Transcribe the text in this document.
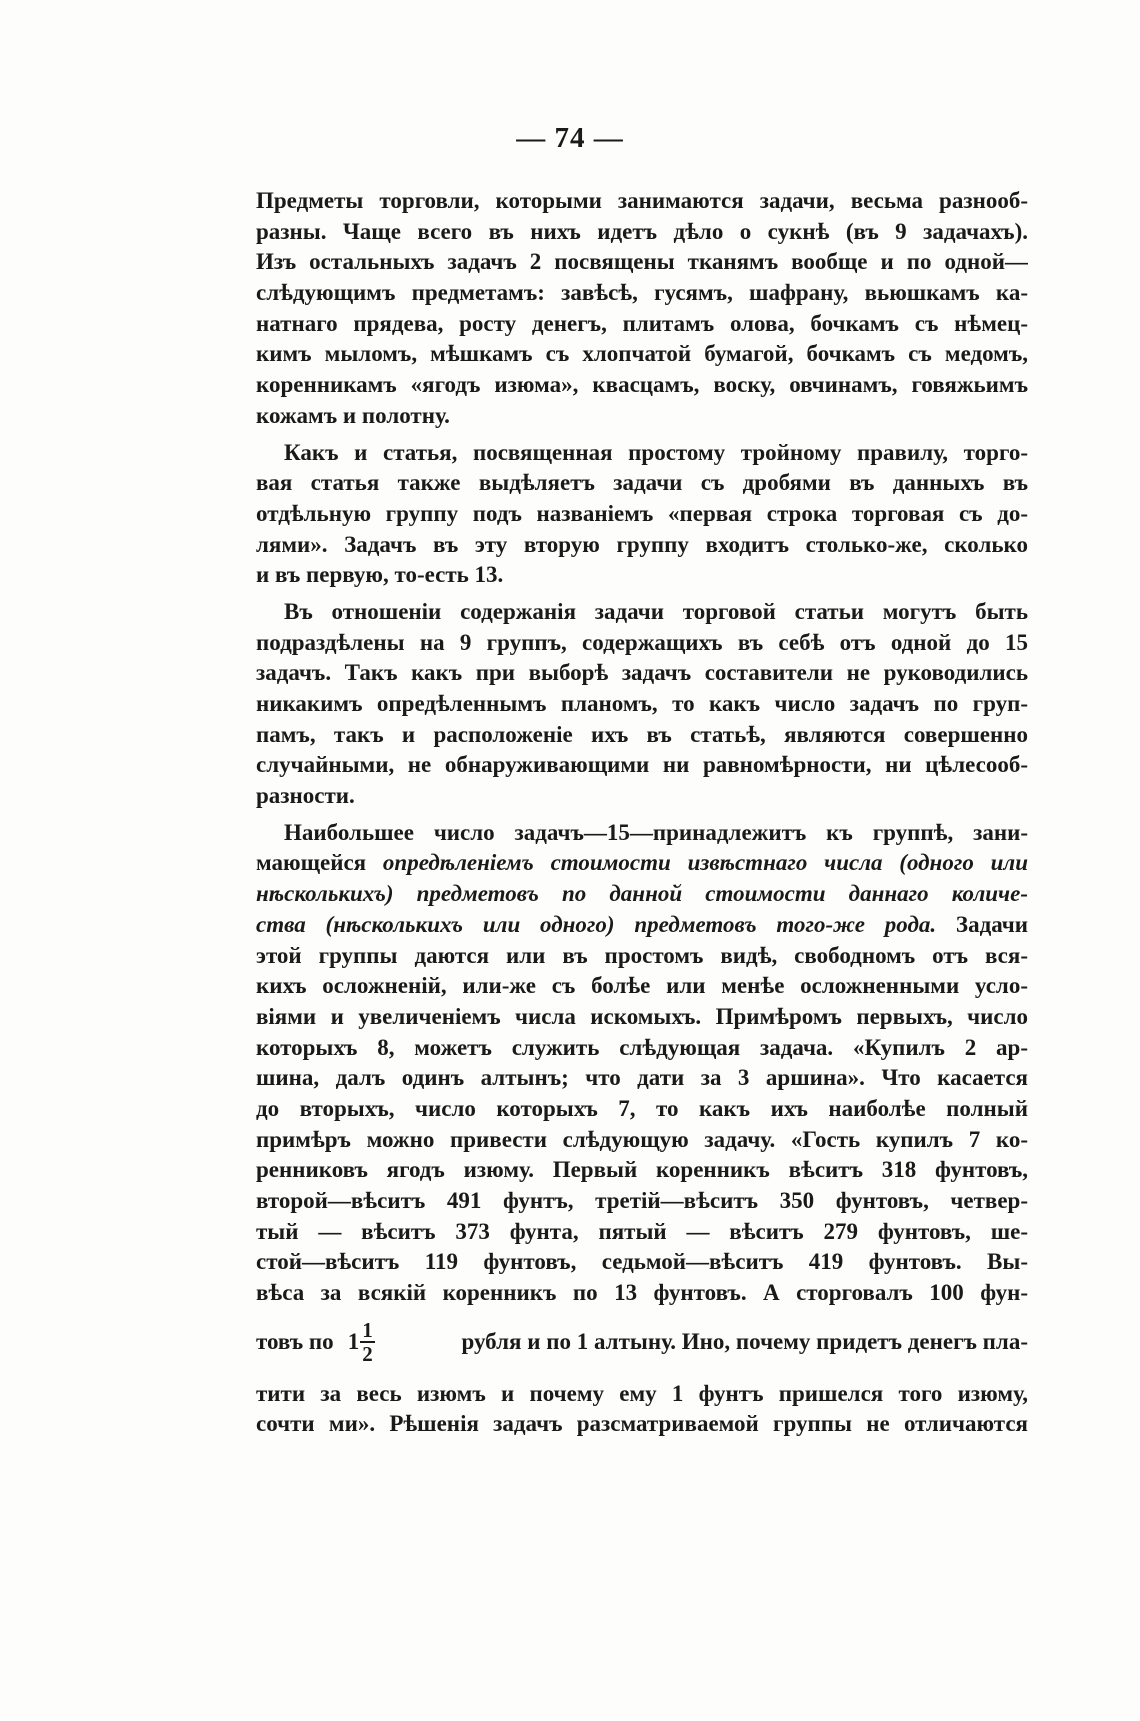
— 74 —
Предметы торговли, которыми занимаются задачи, весьма разнооб-
разны. Чаще всего въ нихъ идетъ дѣло о сукнѣ (въ 9 задачахъ).
Изъ остальныхъ задачъ 2 посвящены тканямъ вообще и по одной—
слѣдующимъ предметамъ: завѣсѣ, гусямъ, шафрану, вьюшкамъ ка-
натнаго прядева, росту денегъ, плитамъ олова, бочкамъ съ нѣмец-
кимъ мыломъ, мѣшкамъ съ хлопчатой бумагой, бочкамъ съ медомъ,
коренникамъ «ягодъ изюма», квасцамъ, воску, овчинамъ, говяжьимъ
кожамъ и полотну.
Какъ и статья, посвященная простому тройному правилу, торго-
вая статья также выдѣляетъ задачи съ дробями въ данныхъ въ
отдѣльную группу подъ названіемъ «первая строка торговая съ до-
лями». Задачъ въ эту вторую группу входитъ столько-же, сколько
и въ первую, то-есть 13.
Въ отношеніи содержанія задачи торговой статьи могутъ быть
подраздѣлены на 9 группъ, содержащихъ въ себѣ отъ одной до 15
задачъ. Такъ какъ при выборѣ задачъ составители не руководились
никакимъ опредѣленнымъ планомъ, то какъ число задачъ по груп-
памъ, такъ и расположеніе ихъ въ статьѣ, являются совершенно
случайными, не обнаруживающими ни равномѣрности, ни цѣлесооб-
разности.
Наибольшее число задачъ—15—принадлежитъ къ группѣ, зани-
мающейся опредѣленіемъ стоимости извѣстнаго числа (одного или
нѣсколькихъ) предметовъ по данной стоимости даннаго количе-
ства (нѣсколькихъ или одного) предметовъ того-же рода. Задачи
этой группы даются или въ простомъ видѣ, свободномъ отъ вся-
кихъ осложненій, или-же съ болѣе или менѣе осложненными усло-
віями и увеличеніемъ числа искомыхъ. Примѣромъ первыхъ, число
которыхъ 8, можетъ служить слѣдующая задача. «Купилъ 2 ар-
шина, далъ одинъ алтынъ; что дати за 3 аршина». Что касается
до вторыхъ, число которыхъ 7, то какъ ихъ наиболѣе полный
примѣръ можно привести слѣдующую задачу. «Гость купилъ 7 ко-
ренниковъ ягодъ изюму. Первый коренникъ вѣситъ 318 фунтовъ,
второй—вѣситъ 491 фунтъ, третій—вѣситъ 350 фунтовъ, четвер-
тый — вѣситъ 373 фунта, пятый — вѣситъ 279 фунтовъ, ше-
стой—вѣситъ 119 фунтовъ, седьмой—вѣситъ 419 фунтовъ. Вы-
вѣса за всякій коренникъ по 13 фунтовъ. А сторговалъ 100 фун-
товъ по $1 \frac{1}{2}$	рубля и по 1 алтыну. Ино, почему придетъ денегъ пла-
тити за весь изюмъ и почему ему 1 фунтъ пришелся того изюму,
сочти ми». Рѣшенія задачъ разсматриваемой группы не отличаются
